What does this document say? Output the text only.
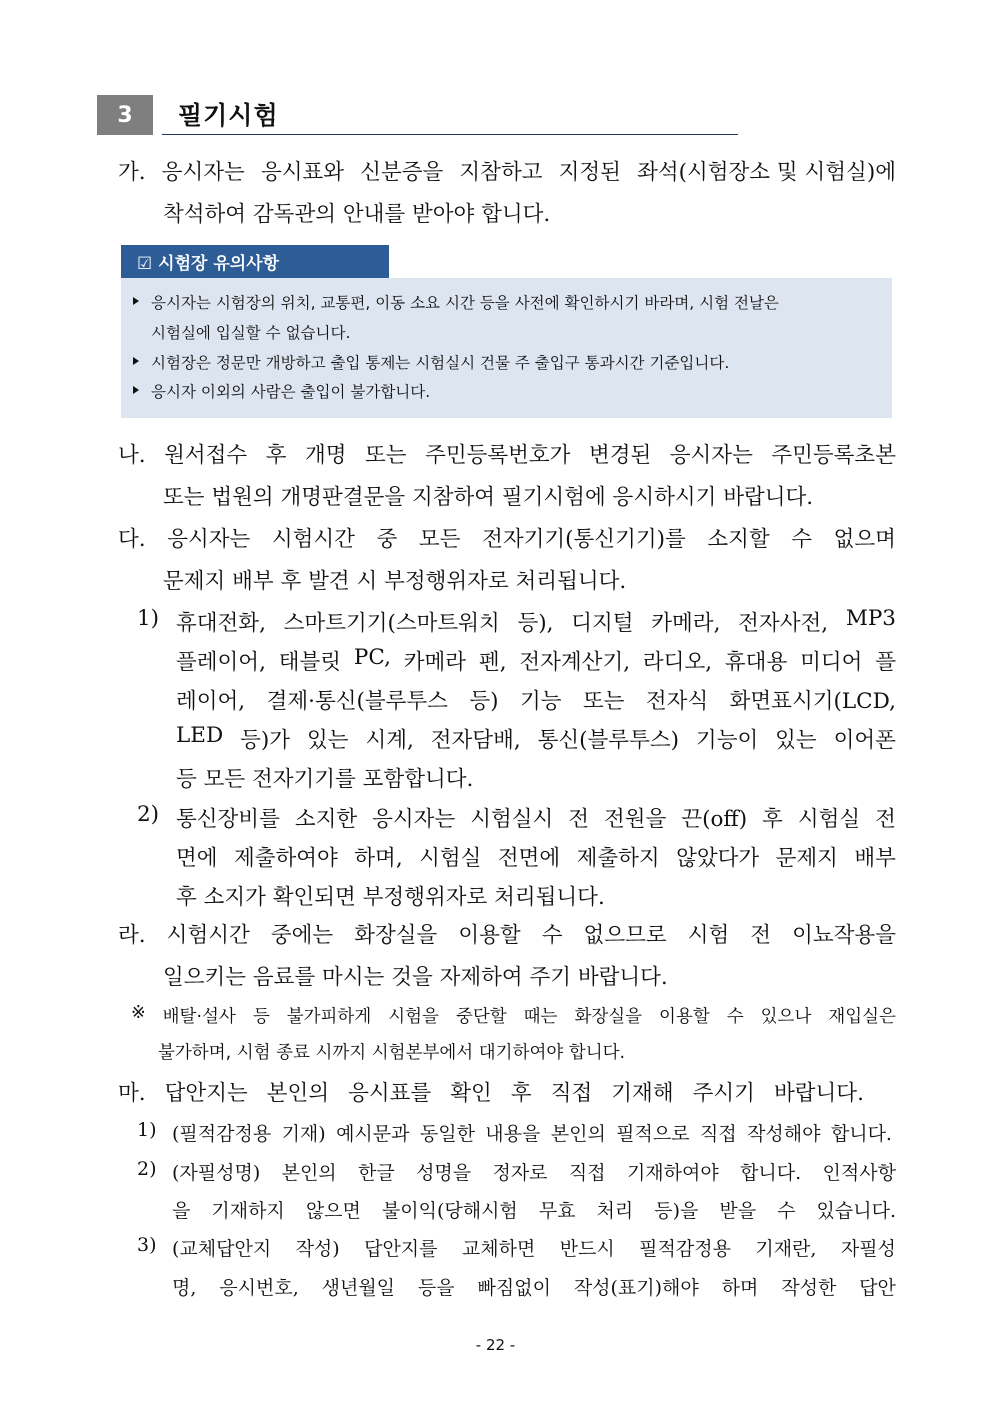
3	필기시험
가. 응시자는 응시표와 신분증을 지참하고 지정된 좌석(시험장소 및 시험실)에
착석하여 감독관의 안내를 받아야 합니다.
☑ 시험장 유의사항
응시자는 시험장의 위치, 교통편, 이동 소요 시간 등을 사전에 확인하시기 바라며, 시험 전날은
시험실에 입실할 수 없습니다.
시험장은 정문만 개방하고 출입 통제는 시험실시 건물 주 출입구 통과시간 기준입니다.
응시자 이외의 사람은 출입이 불가합니다.
나. 원서접수 후 개명 또는 주민등록번호가 변경된 응시자는 주민등록초본
또는 법원의 개명판결문을 지참하여 필기시험에 응시하시기 바랍니다.
다. 응시자는 시험시간 중 모든 전자기기(통신기기)를 소지할 수 없으며
문제지 배부 후 발견 시 부정행위자로 처리됩니다.
1) 휴대전화, 스마트기기(스마트워치 등), 디지털 카메라, 전자사전, MP3
플레이어, 태블릿 PC, 카메라 펜, 전자계산기, 라디오, 휴대용 미디어 플
레이어, 결제·통신(블루투스 등) 기능 또는 전자식 화면표시기(LCD,
LED 등)가 있는 시계, 전자담배, 통신(블루투스) 기능이 있는 이어폰
등 모든 전자기기를 포함합니다.
2) 통신장비를 소지한 응시자는 시험실시 전 전원을 끈(off) 후 시험실 전
면에 제출하여야 하며, 시험실 전면에 제출하지 않았다가 문제지 배부
후 소지가 확인되면 부정행위자로 처리됩니다.
라. 시험시간 중에는 화장실을 이용할 수 없으므로 시험 전 이뇨작용을
일으키는 음료를 마시는 것을 자제하여 주기 바랍니다.
※ 배탈·설사 등 불가피하게 시험을 중단할 때는 화장실을 이용할 수 있으나 재입실은
불가하며, 시험 종료 시까지 시험본부에서 대기하여야 합니다.
마. 답안지는 본인의 응시표를 확인 후 직접 기재해 주시기 바랍니다.
1) (필적감정용 기재) 예시문과 동일한 내용을 본인의 필적으로 직접 작성해야 합니다.
2) (자필성명) 본인의 한글 성명을 정자로 직접 기재하여야 합니다. 인적사항
을 기재하지 않으면 불이익(당해시험 무효 처리 등)을 받을 수 있습니다.
3) (교체답안지 작성) 답안지를 교체하면 반드시 필적감정용 기재란, 자필성
명, 응시번호, 생년월일 등을 빠짐없이 작성(표기)해야 하며 작성한 답안
- 22 -
